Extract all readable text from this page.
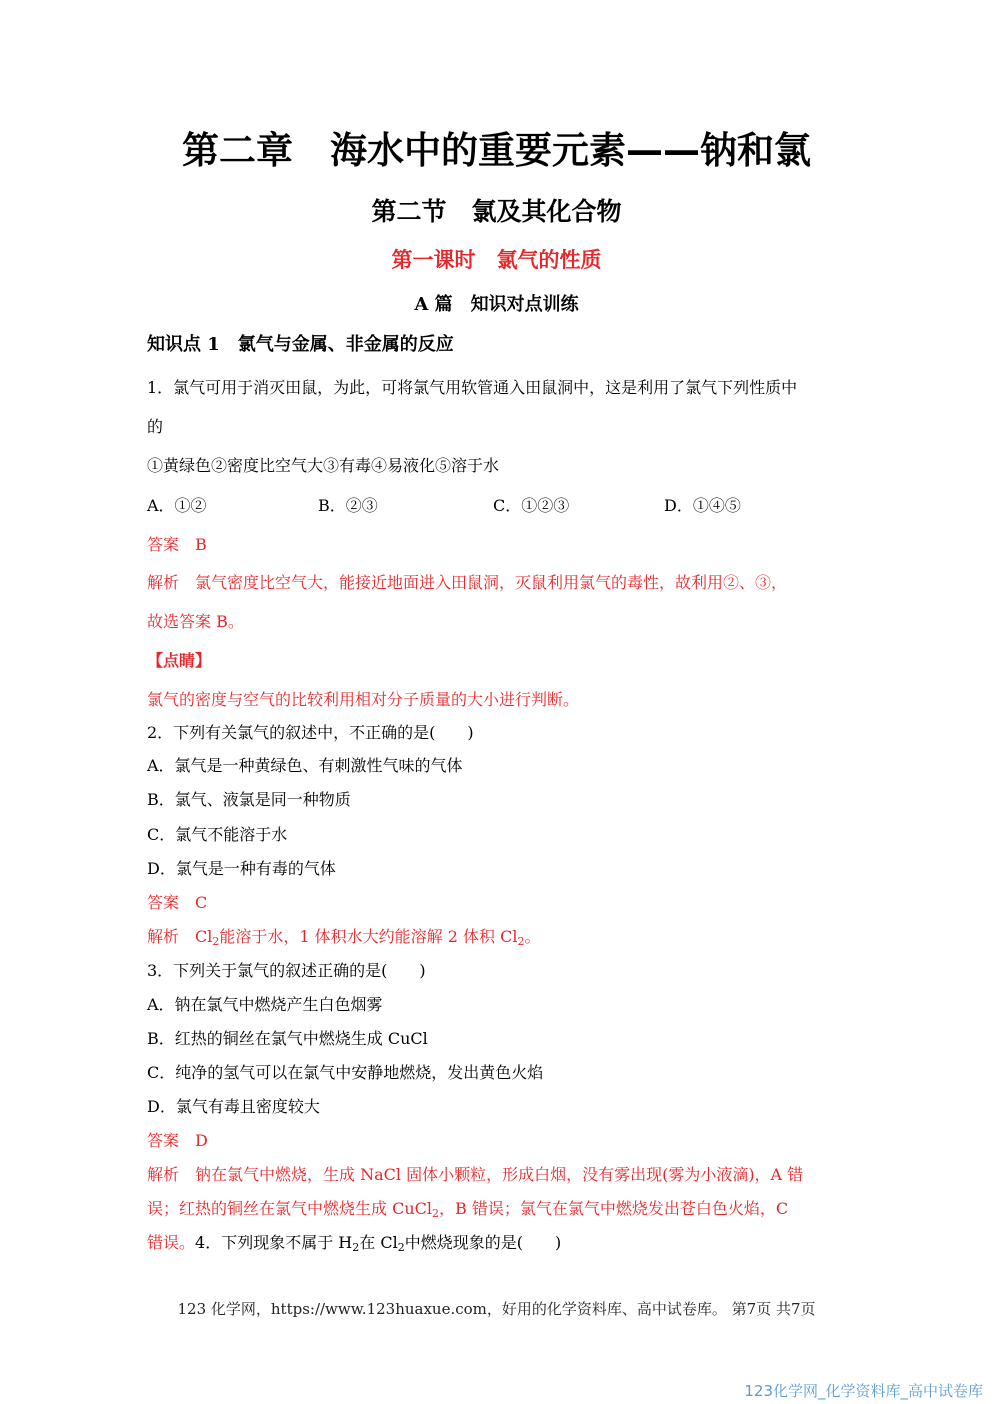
第二章　海水中的重要元素——钠和氯
第二节　氯及其化合物
第一课时　氯气的性质
A 篇　知识对点训练
知识点 1　氯气与金属、非金属的反应
1．氯气可用于消灭田鼠，为此，可将氯气用软管通入田鼠洞中，这是利用了氯气下列性质中
的
①黄绿色②密度比空气大③有毒④易液化⑤溶于水
A．①②	B．②③	C．①②③	D．①④⑤
答案　B
解析　氯气密度比空气大，能接近地面进入田鼠洞，灭鼠利用氯气的毒性，故利用②、③，
故选答案 B。
【点睛】
氯气的密度与空气的比较利用相对分子质量的大小进行判断。
2．下列有关氯气的叙述中，不正确的是(　　)
A．氯气是一种黄绿色、有刺激性气味的气体
B．氯气、液氯是同一种物质
C．氯气不能溶于水
D．氯气是一种有毒的气体
答案　C
解析　$Cl_2$能溶于水，1 体积水大约能溶解 2 体积 $Cl_2$。
3．下列关于氯气的叙述正确的是(　　)
A．钠在氯气中燃烧产生白色烟雾
B．红热的铜丝在氯气中燃烧生成 CuCl
C．纯净的氢气可以在氯气中安静地燃烧，发出黄色火焰
D．氯气有毒且密度较大
答案　D
解析　钠在氯气中燃烧，生成 NaCl 固体小颗粒，形成白烟，没有雾出现(雾为小液滴)，A 错
误；红热的铜丝在氯气中燃烧生成 CuCl$_2$，B 错误；氯气在氯气中燃烧发出苍白色火焰，C
错误。4．下列现象不属于 $H_2$在 $Cl_2$中燃烧现象的是(　　)
123 化学网，https://www.123huaxue.com，好用的化学资料库、高中试卷库。 第7页 共7页
123化学网_化学资料库_高中试卷库
